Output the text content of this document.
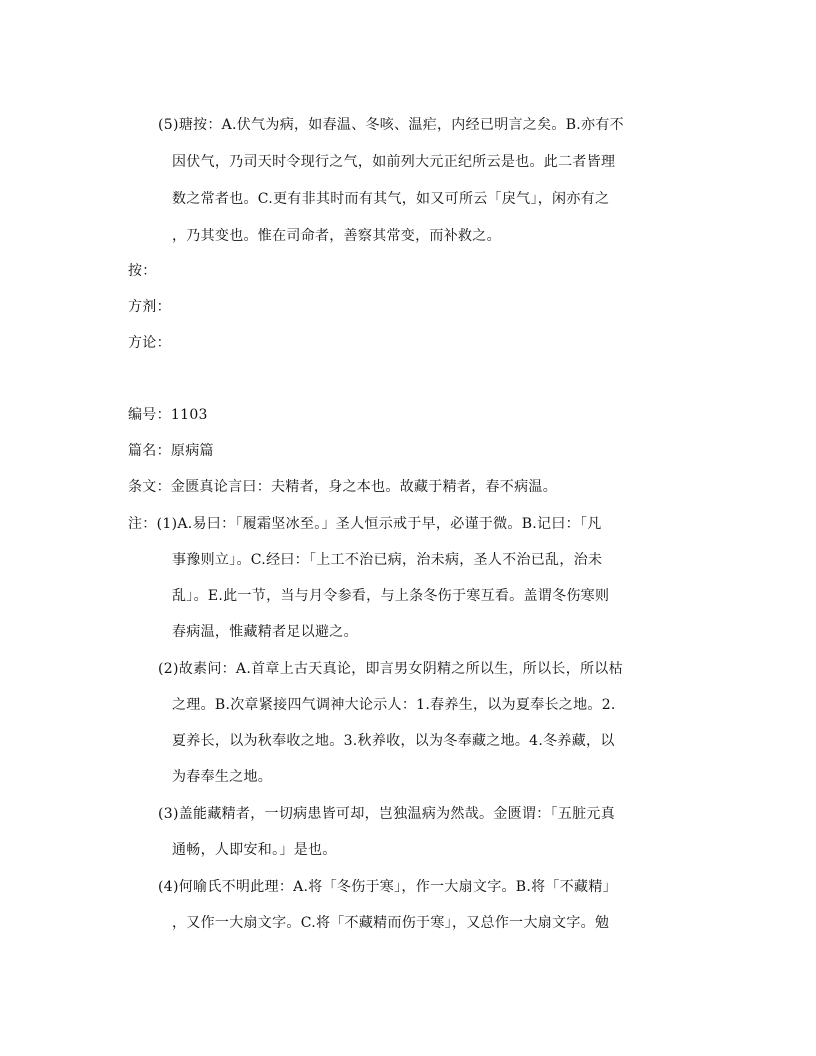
(5)瑭按：A.伏气为病，如春温、冬咳、温疟，内经已明言之矣。B.亦有不
因伏气，乃司天时令现行之气，如前列大元正纪所云是也。此二者皆理
数之常者也。C.更有非其时而有其气，如又可所云「戾气」，闲亦有之
，乃其变也。惟在司命者，善察其常变，而补救之。
按：
方剂：
方论：
编号：1103
篇名：原病篇
条文：金匮真论言曰：夫精者，身之本也。故藏于精者，春不病温。
注：(1)A.易曰：「履霜坚冰至。」圣人恒示戒于早，必谨于微。B.记曰：「凡
事豫则立」。C.经曰：「上工不治已病，治未病，圣人不治已乱，治未
乱」。E.此一节，当与月令参看，与上条冬伤于寒互看。盖谓冬伤寒则
春病温，惟藏精者足以避之。
(2)故素问：A.首章上古天真论，即言男女阴精之所以生，所以长，所以枯
之理。B.次章紧接四气调神大论示人：1.春养生，以为夏奉长之地。2.
夏养长，以为秋奉收之地。3.秋养收，以为冬奉藏之地。4.冬养藏，以
为春奉生之地。
(3)盖能藏精者，一切病患皆可却，岂独温病为然哉。金匮谓：「五脏元真
通畅，人即安和。」是也。
(4)何喻氏不明此理：A.将「冬伤于寒」，作一大扇文字。B.将「不藏精」
，又作一大扇文字。C.将「不藏精而伤于寒」，又总作一大扇文字。勉
